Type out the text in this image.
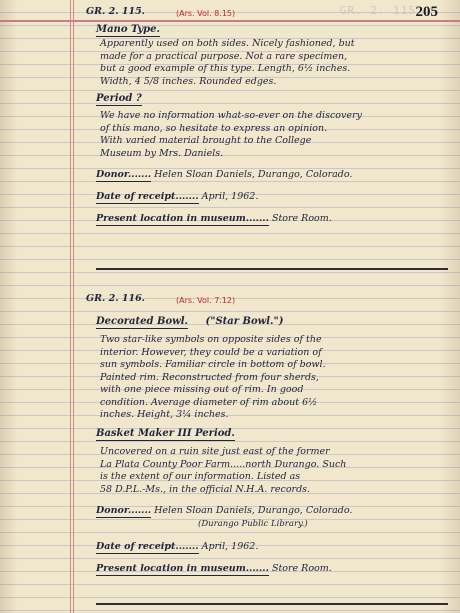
GR. 2. 115 205
GR. 2. 115.	(Ars. Vol. 8.15)
Mano Type.
Apparently used on both sides. Nicely fashioned, but
made for a practical purpose. Not a rare specimen,
but a good example of this type. Length, 6½ inches.
Width, 4 5/8 inches. Rounded edges.
Period ?
We have no information what-so-ever on the discovery
of this mano, so hesitate to express an opinion.
With varied material brought to the College
Museum by Mrs. Daniels.
Donor....... Helen Sloan Daniels, Durango, Colorado.
Date of receipt....... April, 1962.
Present location in museum....... Store Room.
GR. 2. 116.	(Ars. Vol. 7.12)
Decorated Bowl. ("Star Bowl.")
Two star-like symbols on opposite sides of the
interior. However, they could be a variation of
sun symbols. Familiar circle in bottom of bowl.
Painted rim. Reconstructed from four sherds,
with one piece missing out of rim. In good
condition. Average diameter of rim about 6½
inches. Height, 3¼ inches.
Basket Maker III Period.
Uncovered on a ruin site just east of the former
La Plata County Poor Farm.....north Durango. Such
is the extent of our information. Listed as
58 D.P.L.-Ms., in the official N.H.A. records.
Donor....... Helen Sloan Daniels, Durango, Colorado.
(Durango Public Library.)
Date of receipt....... April, 1962.
Present location in museum....... Store Room.
